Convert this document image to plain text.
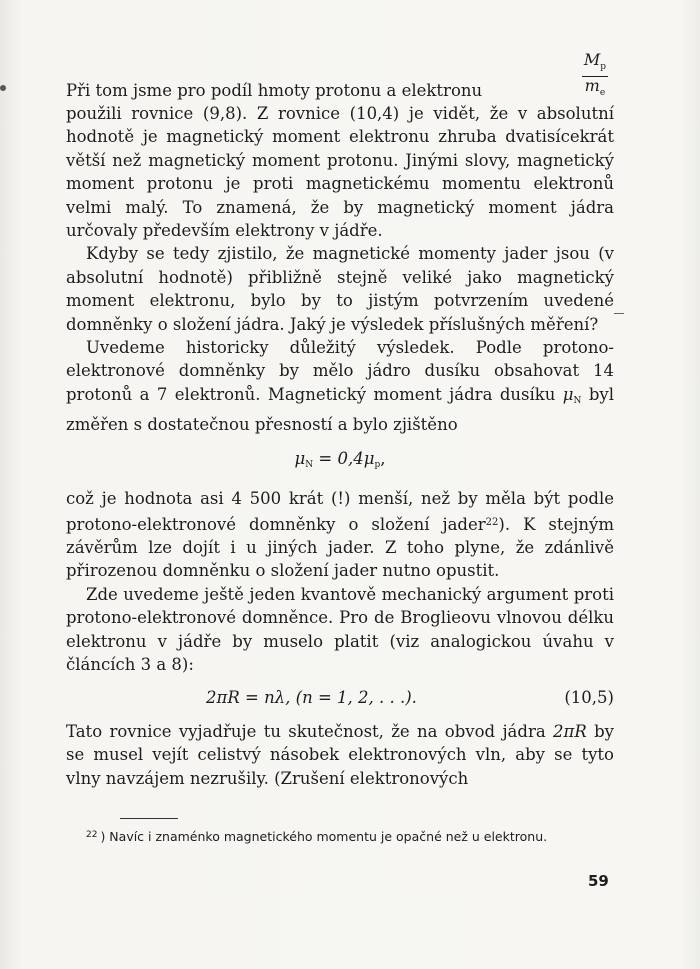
Při tom jsme pro podíl hmoty protonu a elektronu	$\frac{M_p}{m_e}$

použili rovnice (9,8). Z rovnice (10,4) je vidět, že v absolutní hodnotě je magnetický moment elektronu zhruba dvatisícekrát větší než magnetický moment protonu. Jinými slovy, magnetický moment protonu je proti magnetickému momentu elektronů velmi malý. To znamená, že by magnetický moment jádra určovaly především elektrony v jádře.

Kdyby se tedy zjistilo, že magnetické momenty jader jsou (v absolutní hodnotě) přibližně stejně veliké jako magnetický moment elektronu, bylo by to jistým potvrzením uvedené domněnky o složení jádra. Jaký je výsledek příslušných měření?

Uvedeme historicky důležitý výsledek. Podle protono-elektronové domněnky by mělo jádro dusíku obsahovat 14 protonů a 7 elektronů. Magnetický moment jádra dusíku $\mu_N$ byl změřen s dostatečnou přesností a bylo zjištěno

$\mu_N = 0,4\mu_p$,

což je hodnota asi 4 500 krát (!) menší, než by měla být podle protono-elektronové domněnky o složení jader$^{22}$). K stejným závěrům lze dojít i u jiných jader. Z toho plyne, že zdánlivě přirozenou domněnku o složení jader nutno opustit.

Zde uvedeme ještě jeden kvantově mechanický argument proti protono-elektronové domněnce. Pro de Broglieovu vlnovou délku elektronu v jádře by muselo platit (viz analogickou úvahu v článcích 3 a 8):

2πR = nλ, (n = 1, 2, . . .).	(10,5)

Tato rovnice vyjadřuje tu skutečnost, že na obvod jádra 2πR by se musel vejít celistvý násobek elektronových vln, aby se tyto vlny navzájem nezrušily. (Zrušení elektronových

$^{22}$ ) Navíc i znaménko magnetického momentu je opačné než u elektronu.
59
